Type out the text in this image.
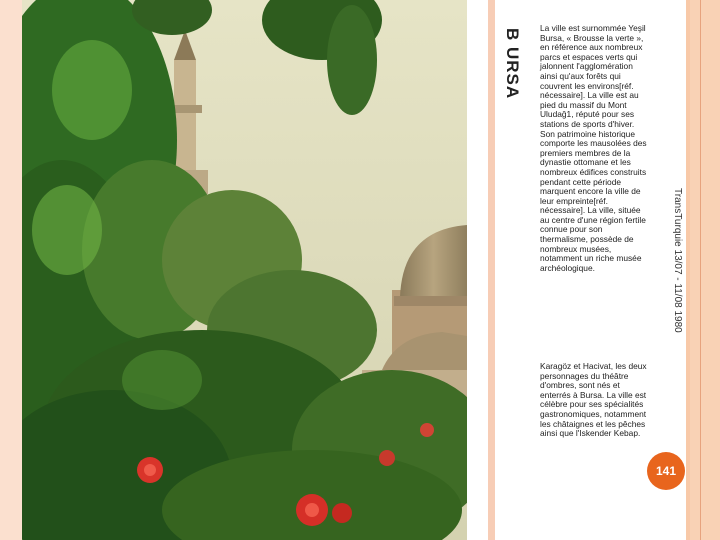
B URSA La ville est surnommée Yeşil Bursa, « Brousse la verte », en référence aux nombreux parcs et espaces verts qui jalonnent l'agglomération ainsi qu'aux forêts qui couvrent les environs[réf. nécessaire]. La ville est au pied du massif du Mont Uludağ1, réputé pour ses stations de sports d'hiver. Son patrimoine historique comporte les mausolées des premiers membres de la dynastie ottomane et les nombreux édifices construits pendant cette période marquent encore la ville de leur empreinte[réf. nécessaire]. La ville, située au centre d'une région fertile connue pour son thermalisme, possède de nombreux musées, notamment un riche musée archéologique.
Karagöz et Hacivat, les deux personnages du théâtre d'ombres, sont nés et enterrés à Bursa. La ville est célèbre pour ses spécialités gastronomiques, notamment les châtaignes et les pêches ainsi que l'Iskender Kebap.
TransTurquie 13/07 - 11/08 1980
141
